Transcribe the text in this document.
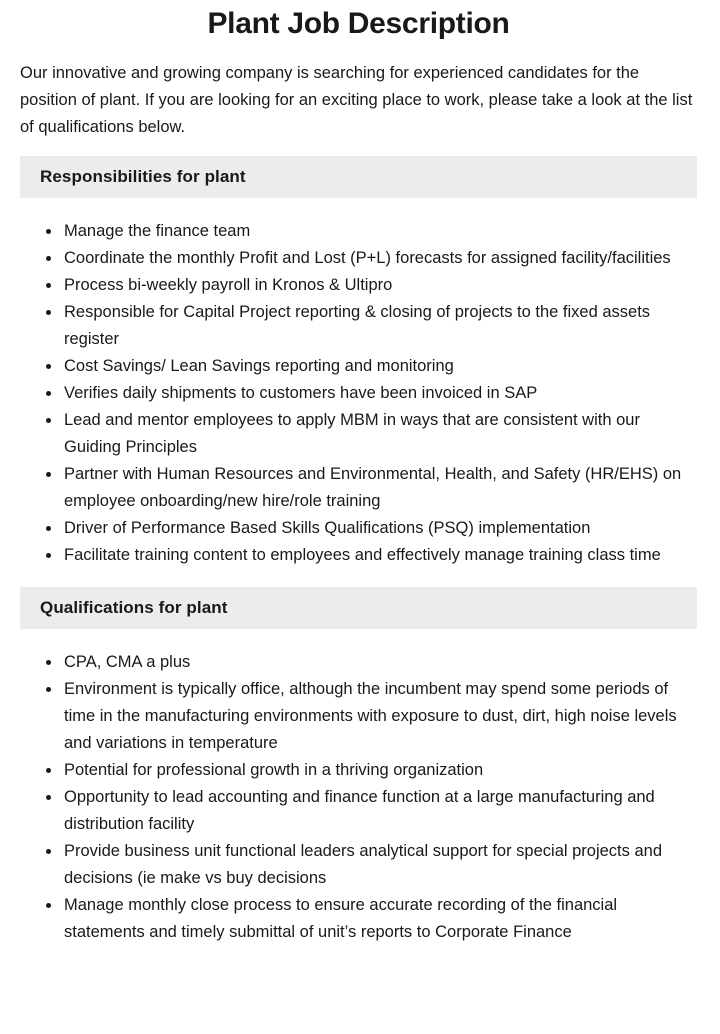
Plant Job Description

Our innovative and growing company is searching for experienced candidates for the position of plant. If you are looking for an exciting place to work, please take a look at the list of qualifications below.

Responsibilities for plant
• Manage the finance team
• Coordinate the monthly Profit and Lost (P+L) forecasts for assigned facility/facilities
• Process bi-weekly payroll in Kronos & Ultipro
• Responsible for Capital Project reporting & closing of projects to the fixed assets register
• Cost Savings/ Lean Savings reporting and monitoring
• Verifies daily shipments to customers have been invoiced in SAP
• Lead and mentor employees to apply MBM in ways that are consistent with our Guiding Principles
• Partner with Human Resources and Environmental, Health, and Safety (HR/EHS) on employee onboarding/new hire/role training
• Driver of Performance Based Skills Qualifications (PSQ) implementation
• Facilitate training content to employees and effectively manage training class time
Qualifications for plant
• CPA, CMA a plus
• Environment is typically office, although the incumbent may spend some periods of time in the manufacturing environments with exposure to dust, dirt, high noise levels and variations in temperature
• Potential for professional growth in a thriving organization
• Opportunity to lead accounting and finance function at a large manufacturing and distribution facility
• Provide business unit functional leaders analytical support for special projects and decisions (ie make vs buy decisions
• Manage monthly close process to ensure accurate recording of the financial statements and timely submittal of unit’s reports to Corporate Finance
